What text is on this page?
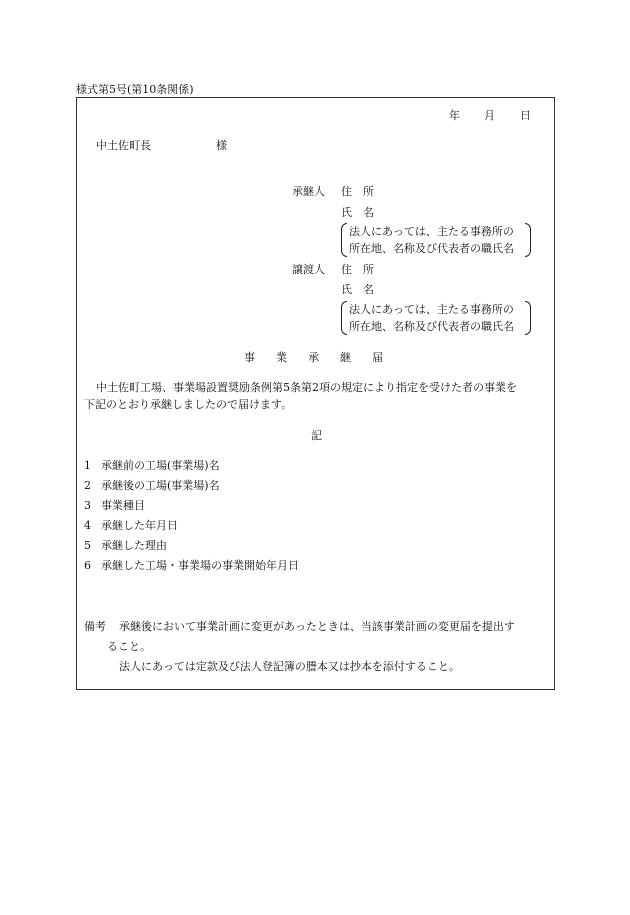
様式第5号(第10条関係)
年 月 日
中土佐町長	様
承継人 住　所
氏　名
法人にあっては、主たる事務所の
所在地、名称及び代表者の職氏名
譲渡人 住　所
氏　名
法人にあっては、主たる事務所の
所在地、名称及び代表者の職氏名
事業承継届
中土佐町工場、事業場設置奨励条例第5条第2項の規定により指定を受けた者の事業を
下記のとおり承継しましたので届けます。
記
1 承継前の工場(事業場)名
2 承継後の工場(事業場)名
3 事業種目
4 承継した年月日
5 承継した理由
6 承継した工場・事業場の事業開始年月日
備考 承継後において事業計画に変更があったときは、当該事業計画の変更届を提出す
ること。
法人にあっては定款及び法人登記簿の謄本又は抄本を添付すること。
